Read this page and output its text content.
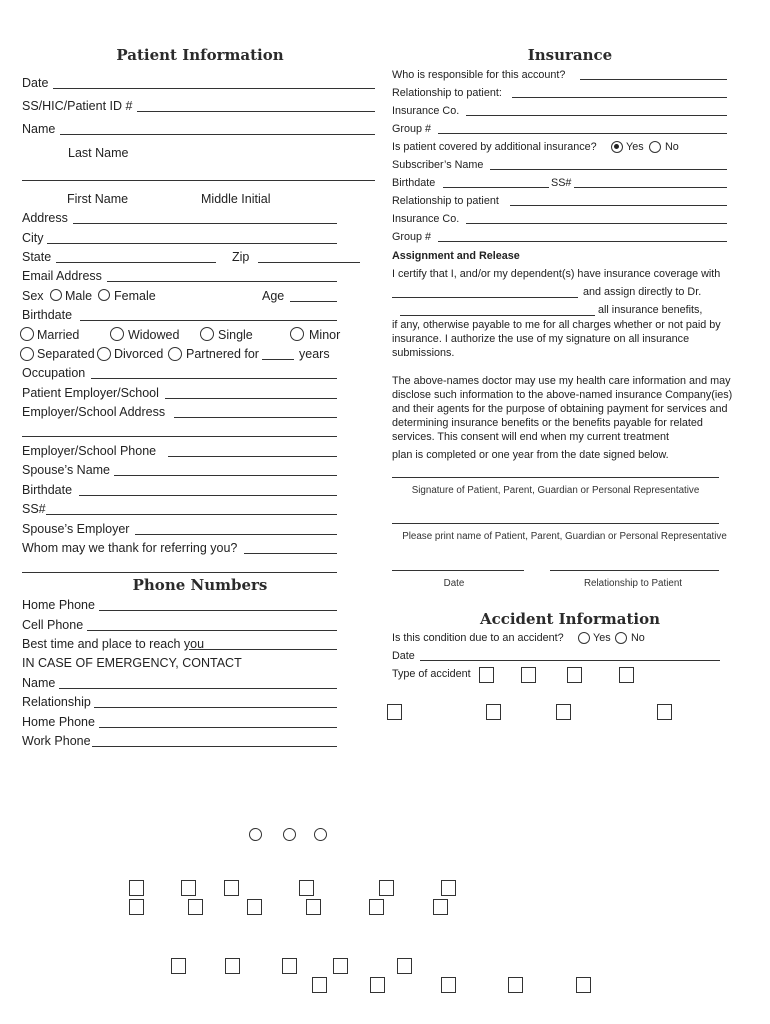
Patient Information
Date
SS/HIC/Patient ID #
Name
Last Name
First Name	Middle Initial
Address
City
State	Zip
Email Address
Sex Male Female	Age
Birthdate
Married	Widowed	Single	Minor
Separated Divorced Partnered for	years
Occupation
Patient Employer/School
Employer/School Address
Employer/School Phone
Spouse’s Name
Birthdate
SS#
Spouse’s Employer
Whom may we thank for referring you?
Phone Numbers
Home Phone
Cell Phone
Best time and place to reach you
IN CASE OF EMERGENCY, CONTACT
Name
Relationship
Home Phone
Work Phone
Insurance
Who is responsible for this account?
Relationship to patient:
Insurance Co.
Group #
Is patient covered by additional insurance?	Yes No
Subscriber’s Name
Birthdate	SS#
Relationship to patient
Insurance Co.
Group #
Assignment and Release
I certify that I, and/or my dependent(s) have insurance coverage with
and assign directly to Dr.
all insurance benefits,
if any, otherwise payable to me for all charges whether or not paid by insurance. I authorize the use of my signature on all insurance submissions.
The above-names doctor may use my health care information and may disclose such information to the above-named insurance Company(ies) and their agents for the purpose of obtaining payment for services and determining insurance benefits or the benefits payable for related services. This consent will end when my current treatment
plan is completed or one year from the date signed below.
Signature of Patient, Parent, Guardian or Personal Representative
Please print name of Patient, Parent, Guardian or Personal Representative
Date	Relationship to Patient
Accident Information
Is this condition due to an accident?	Yes No
Date
Type of accident
